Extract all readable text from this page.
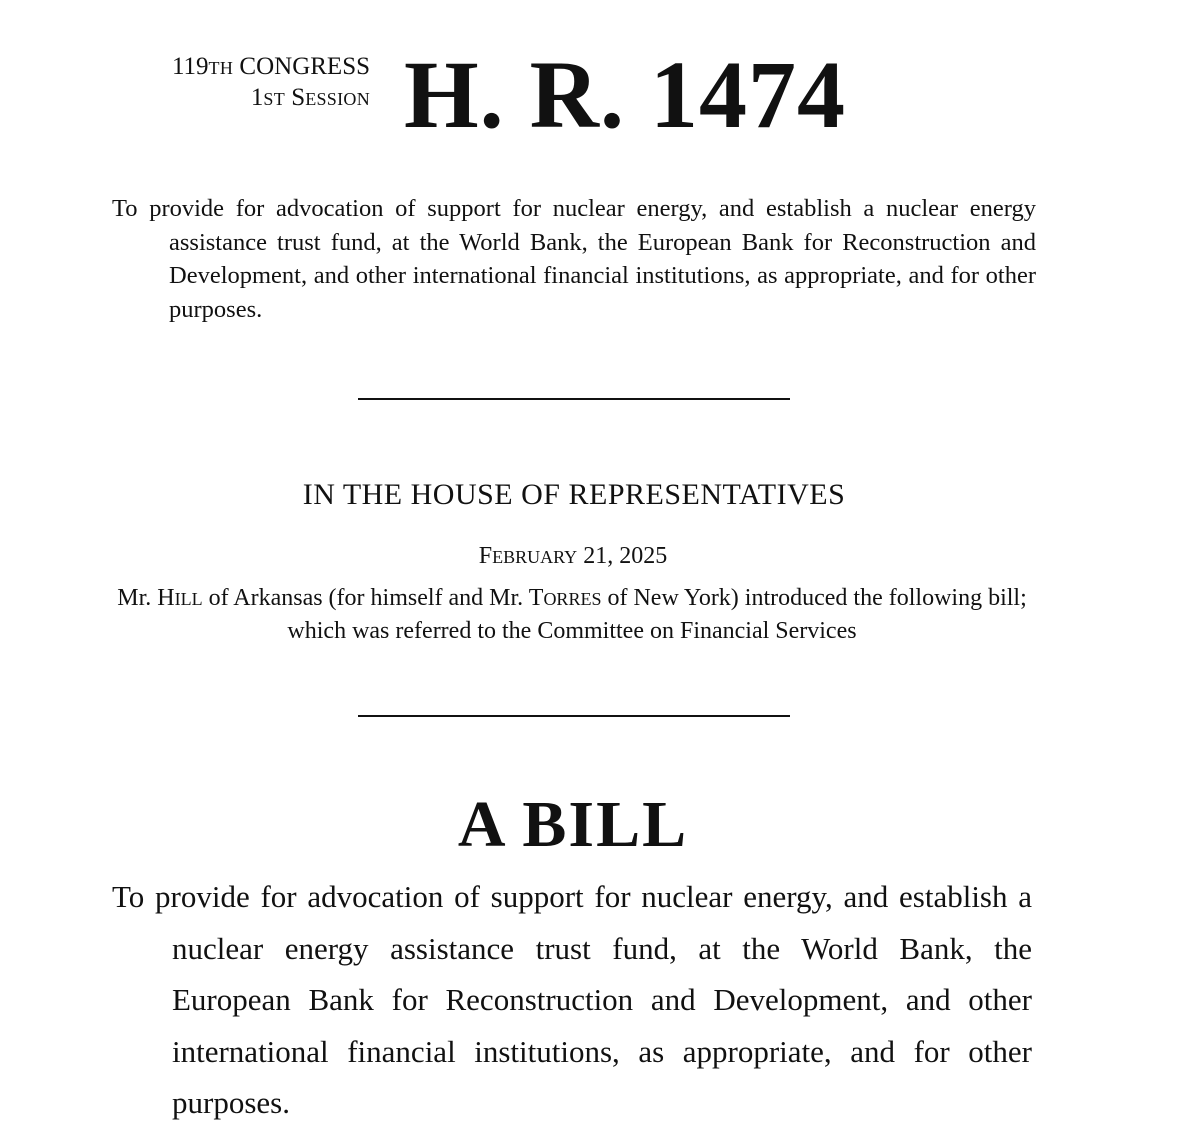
119TH CONGRESS
1ST SESSION H. R. 1474
To provide for advocation of support for nuclear energy, and establish a nuclear energy assistance trust fund, at the World Bank, the European Bank for Reconstruction and Development, and other international financial institutions, as appropriate, and for other purposes.
IN THE HOUSE OF REPRESENTATIVES
FEBRUARY 21, 2025
Mr. HILL of Arkansas (for himself and Mr. TORRES of New York) introduced the following bill; which was referred to the Committee on Financial Services
A BILL
To provide for advocation of support for nuclear energy, and establish a nuclear energy assistance trust fund, at the World Bank, the European Bank for Reconstruction and Development, and other international financial institutions, as appropriate, and for other purposes.
